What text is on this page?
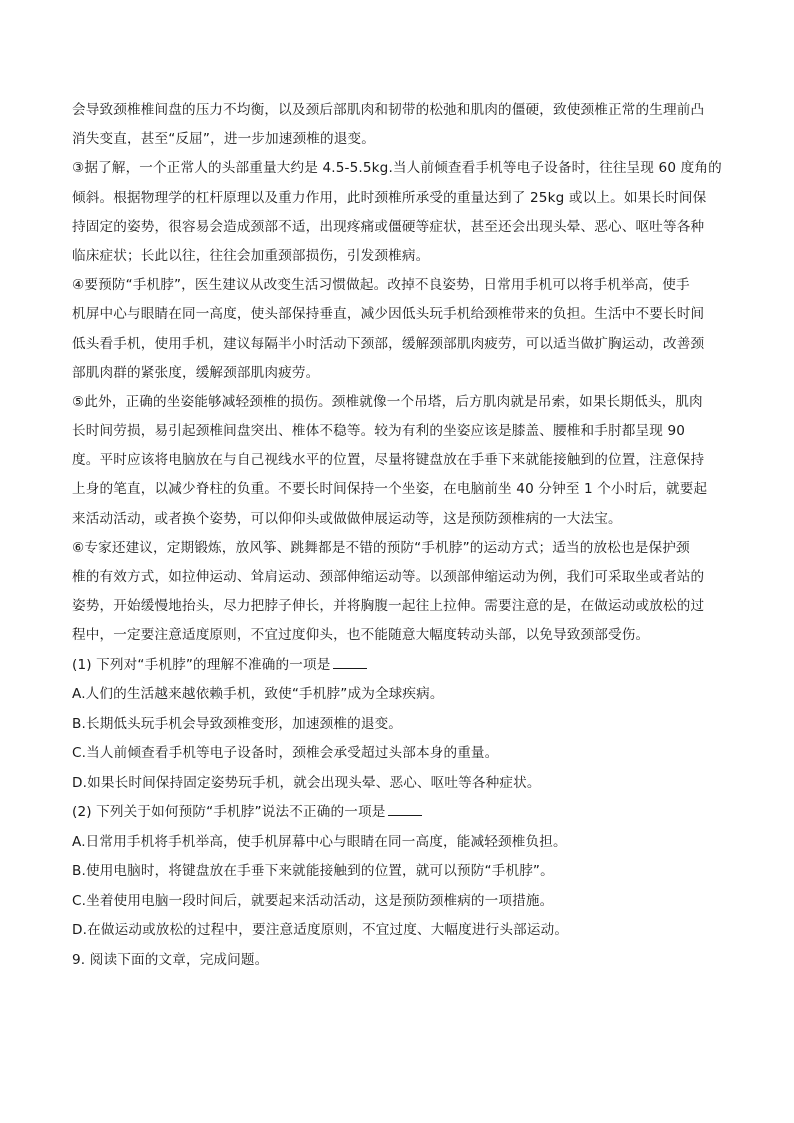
会导致颈椎椎间盘的压力不均衡，以及颈后部肌肉和韧带的松弛和肌肉的僵硬，致使颈椎正常的生理前凸
消失变直，甚至“反屈”，进一步加速颈椎的退变。
③据了解，一个正常人的头部重量大约是 4.5-5.5kg.当人前倾查看手机等电子设备时，往往呈现 60 度角的
倾斜。根据物理学的杠杆原理以及重力作用，此时颈椎所承受的重量达到了 25kg 或以上。如果长时间保
持固定的姿势，很容易会造成颈部不适，出现疼痛或僵硬等症状，甚至还会出现头晕、恶心、呕吐等各种
临床症状；长此以往，往往会加重颈部损伤，引发颈椎病。
④要预防“手机脖”，医生建议从改变生活习惯做起。改掉不良姿势，日常用手机可以将手机举高，使手
机屏中心与眼睛在同一高度，使头部保持垂直，减少因低头玩手机给颈椎带来的负担。生活中不要长时间
低头看手机，使用手机，建议每隔半小时活动下颈部，缓解颈部肌肉疲劳，可以适当做扩胸运动，改善颈
部肌肉群的紧张度，缓解颈部肌肉疲劳。
⑤此外，正确的坐姿能够减轻颈椎的损伤。颈椎就像一个吊塔，后方肌肉就是吊索，如果长期低头，肌肉
长时间劳损，易引起颈椎间盘突出、椎体不稳等。较为有利的坐姿应该是膝盖、腰椎和手肘都呈现 90
度。平时应该将电脑放在与自己视线水平的位置，尽量将键盘放在手垂下来就能接触到的位置，注意保持
上身的笔直，以减少脊柱的负重。不要长时间保持一个坐姿，在电脑前坐 40 分钟至 1 个小时后，就要起
来活动活动，或者换个姿势，可以仰仰头或做做伸展运动等，这是预防颈椎病的一大法宝。
⑥专家还建议，定期锻炼，放风筝、跳舞都是不错的预防“手机脖”的运动方式；适当的放松也是保护颈
椎的有效方式，如拉伸运动、耸肩运动、颈部伸缩运动等。以颈部伸缩运动为例，我们可采取坐或者站的
姿势，开始缓慢地抬头，尽力把脖子伸长，并将胸腹一起往上拉伸。需要注意的是，在做运动或放松的过
程中，一定要注意适度原则，不宜过度仰头，也不能随意大幅度转动头部，以免导致颈部受伤。
(1) 下列对“手机脖”的理解不准确的一项是
A.人们的生活越来越依赖手机，致使“手机脖”成为全球疾病。
B.长期低头玩手机会导致颈椎变形，加速颈椎的退变。
C.当人前倾查看手机等电子设备时，颈椎会承受超过头部本身的重量。
D.如果长时间保持固定姿势玩手机，就会出现头晕、恶心、呕吐等各种症状。
(2) 下列关于如何预防“手机脖”说法不正确的一项是
A.日常用手机将手机举高，使手机屏幕中心与眼睛在同一高度，能减轻颈椎负担。
B.使用电脑时，将键盘放在手垂下来就能接触到的位置，就可以预防“手机脖”。
C.坐着使用电脑一段时间后，就要起来活动活动，这是预防颈椎病的一项措施。
D.在做运动或放松的过程中，要注意适度原则，不宜过度、大幅度进行头部运动。
9. 阅读下面的文章，完成问题。
